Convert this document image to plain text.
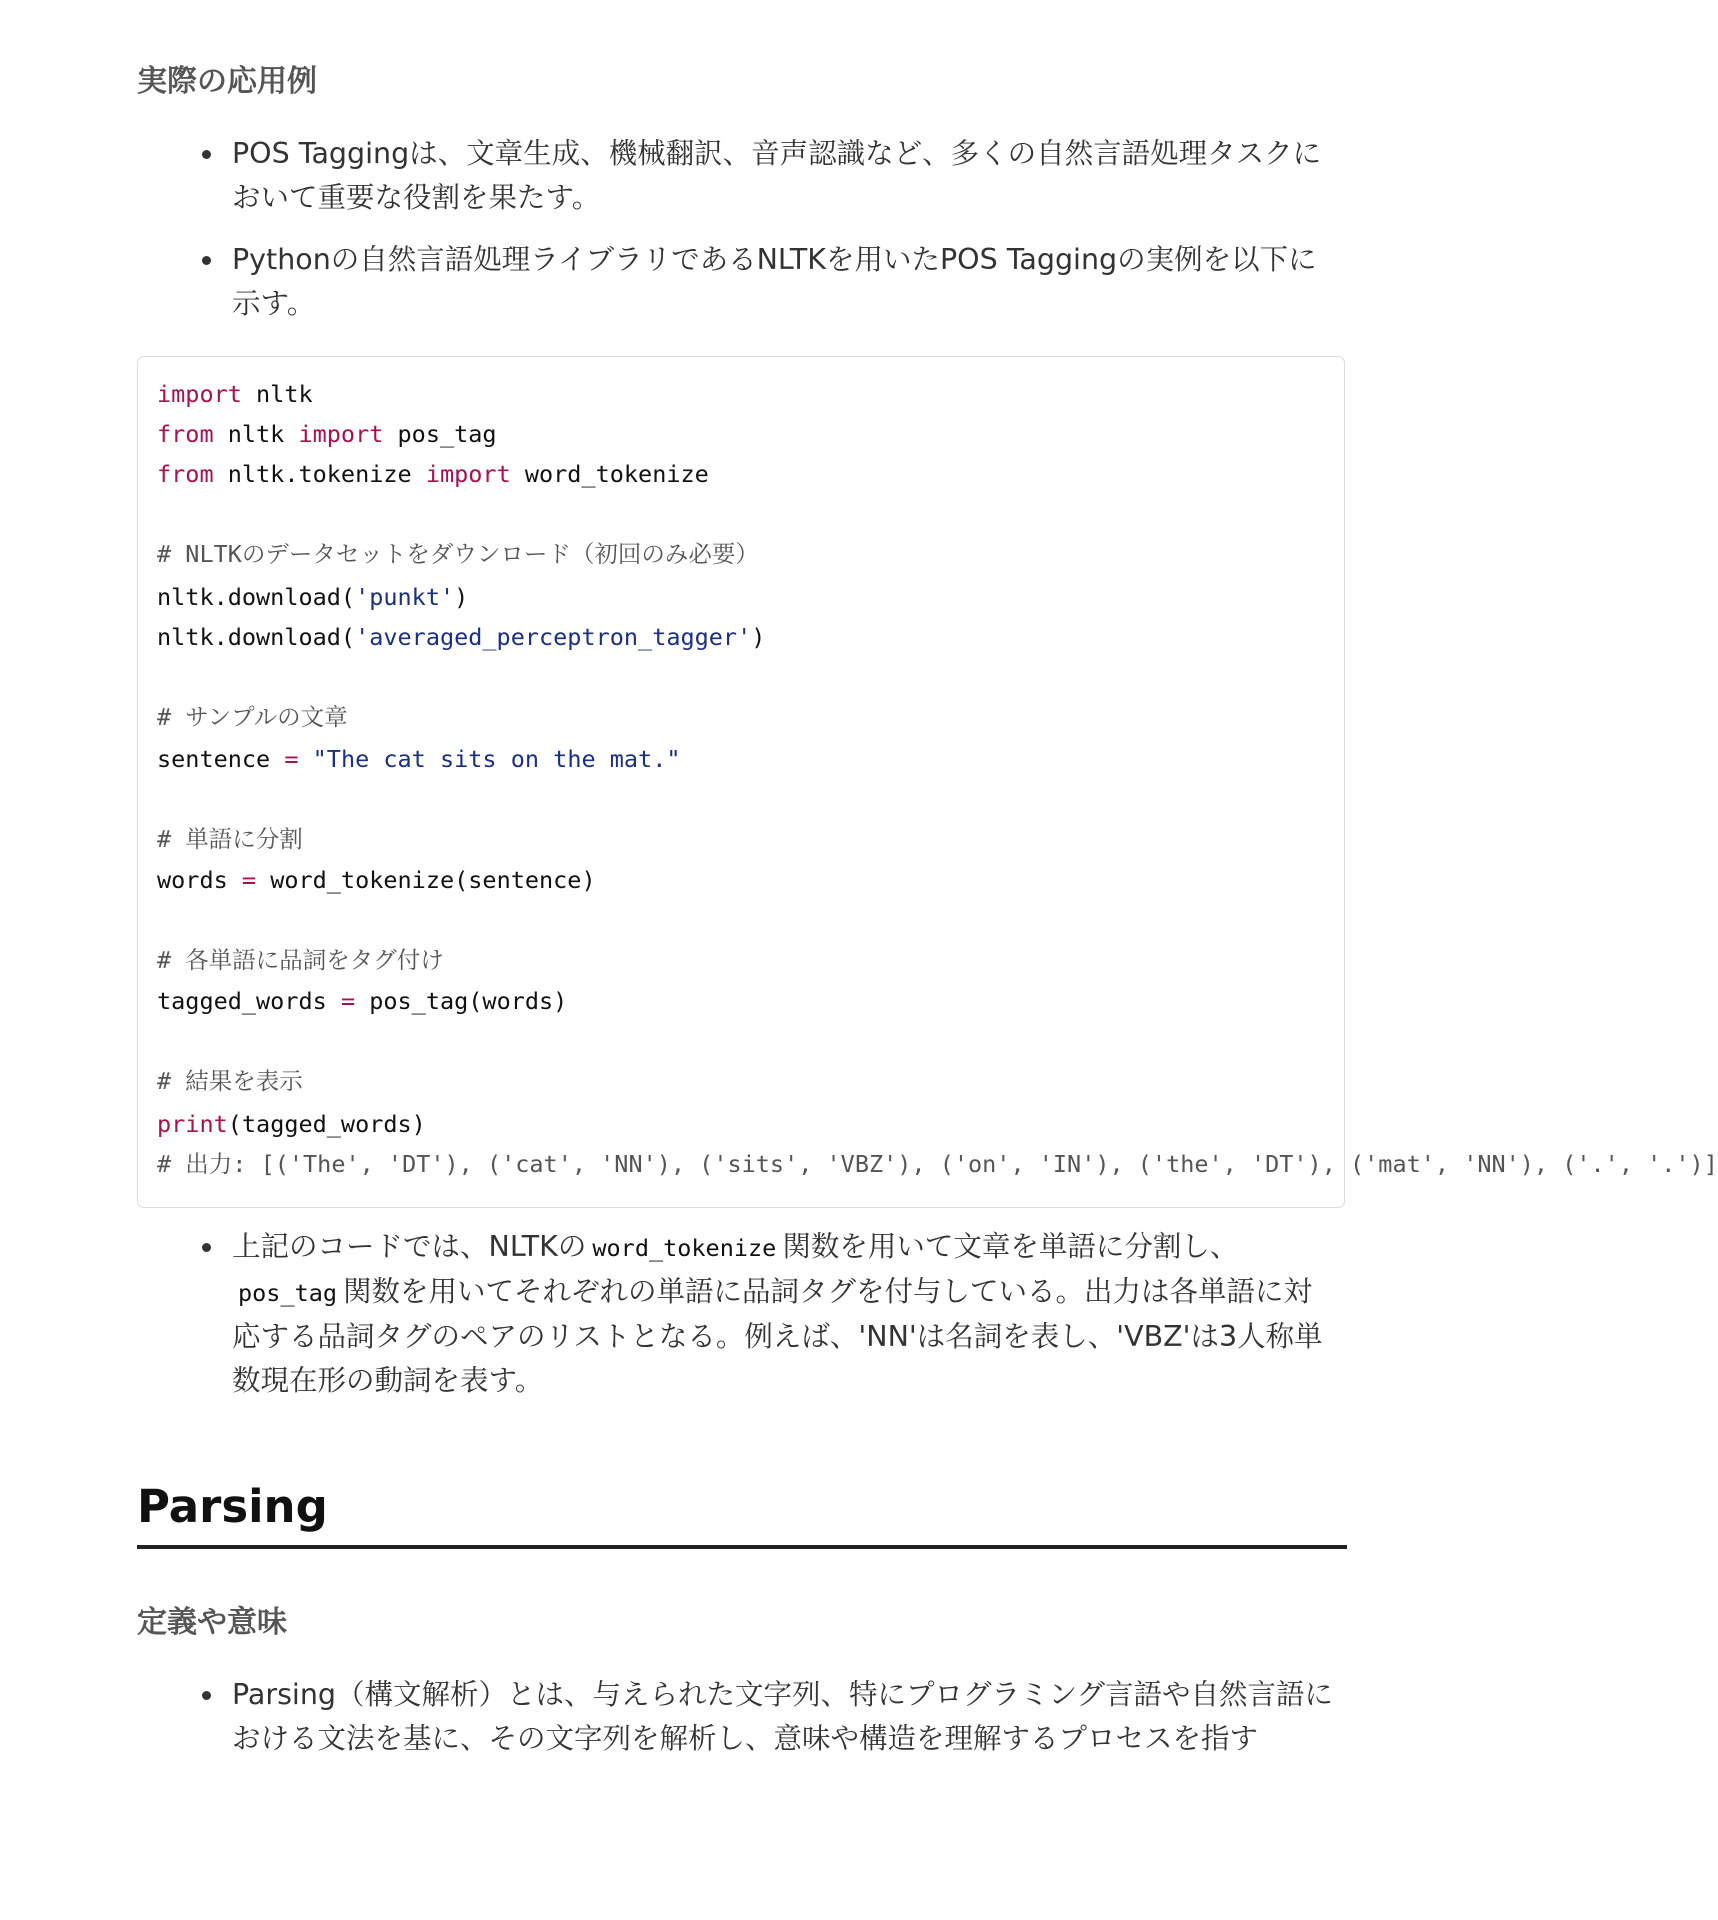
実際の応用例
POS Taggingは、文章生成、機械翻訳、音声認識など、多くの自然言語処理タスクにおいて重要な役割を果たす。
Pythonの自然言語処理ライブラリであるNLTKを用いたPOS Taggingの実例を以下に示す。
import nltk
from nltk import pos_tag
from nltk.tokenize import word_tokenize
# NLTKのデータセットをダウンロード（初回のみ必要）
nltk.download('punkt')
nltk.download('averaged_perceptron_tagger')
# サンプルの文章
sentence = "The cat sits on the mat."
# 単語に分割
words = word_tokenize(sentence)
# 各単語に品詞をタグ付け
tagged_words = pos_tag(words)
# 結果を表示
print(tagged_words)
# 出力: [('The', 'DT'), ('cat', 'NN'), ('sits', 'VBZ'), ('on', 'IN'), ('the', 'DT'), ('mat', 'NN'), ('.', '.')]
上記のコードでは、NLTKの word_tokenize 関数を用いて文章を単語に分割し、pos_tag 関数を用いてそれぞれの単語に品詞タグを付与している。出力は各単語に対応する品詞タグのペアのリストとなる。例えば、'NN'は名詞を表し、'VBZ'は3人称単数現在形の動詞を表す。
Parsing
定義や意味
Parsing（構文解析）とは、与えられた文字列、特にプログラミング言語や自然言語における文法を基に、その文字列を解析し、意味や構造を理解するプロセスを指す
